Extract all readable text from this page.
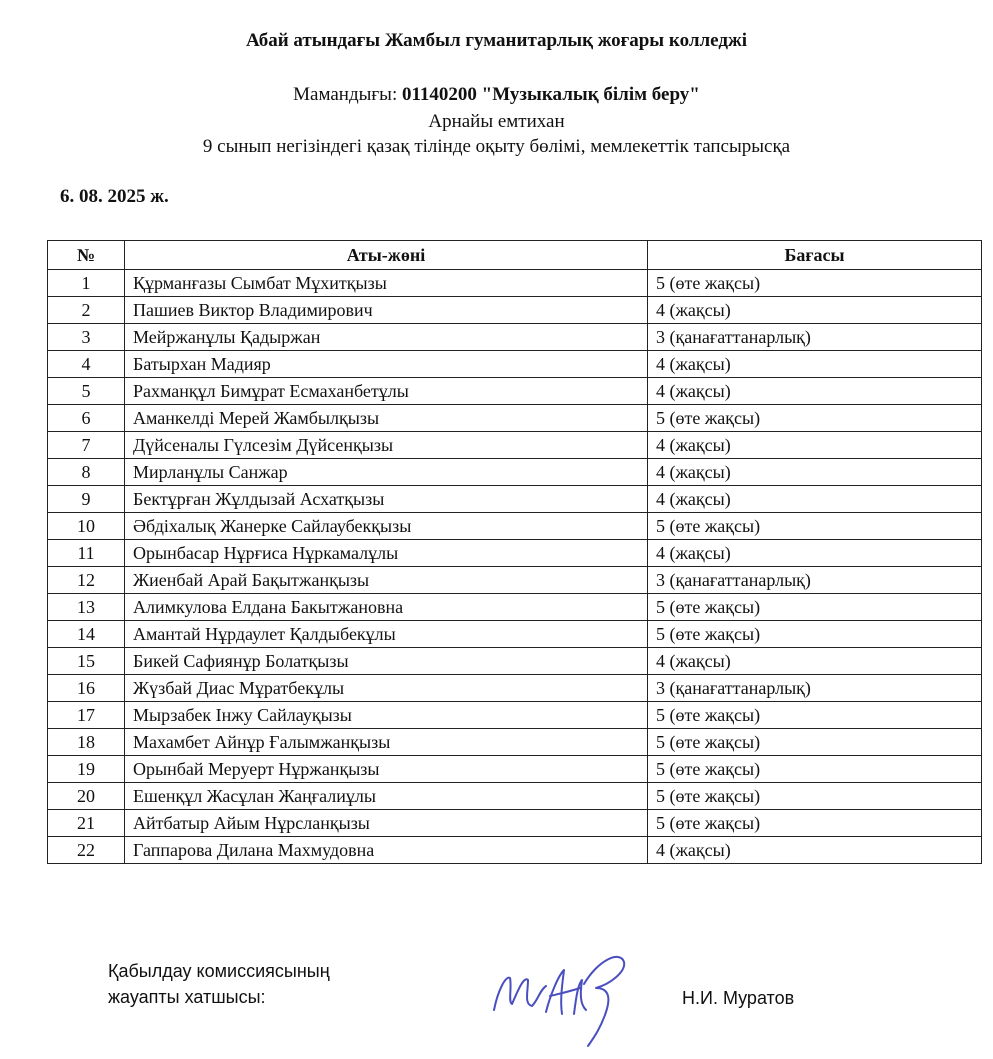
Абай атындағы Жамбыл гуманитарлық жоғары колледжі
Мамандығы: 01140200 "Музыкалық білім беру"
Арнайы емтихан
9 сынып негізіндегі қазақ тілінде оқыту бөлімі, мемлекеттік тапсырысқа
6. 08. 2025 ж.
№	Аты-жөні	Бағасы
1	Құрманғазы Сымбат Мұхитқызы	5 (өте жақсы)
2	Пашиев Виктор Владимирович	4 (жақсы)
3	Мейржанұлы Қадыржан	3 (қанағаттанарлық)
4	Батырхан Мадияр	4 (жақсы)
5	Рахманқұл Бимұрат Есмаханбетұлы	4 (жақсы)
6	Аманкелді Мерей Жамбылқызы	5 (өте жақсы)
7	Дүйсеналы Гүлсезім Дүйсенқызы	4 (жақсы)
8	Мирланұлы Санжар	4 (жақсы)
9	Бектұрған Жұлдызай Асхатқызы	4 (жақсы)
10	Әбдіхалық Жанерке Сайлаубекқызы	5 (өте жақсы)
11	Орынбасар Нұрғиса Нұркамалұлы	4 (жақсы)
12	Жиенбай Арай Бақытжанқызы	3 (қанағаттанарлық)
13	Алимкулова Елдана Бакытжановна	5 (өте жақсы)
14	Амантай Нұрдаулет Қалдыбекұлы	5 (өте жақсы)
15	Бикей Сафиянұр Болатқызы	4 (жақсы)
16	Жүзбай Диас Мұратбекұлы	3 (қанағаттанарлық)
17	Мырзабек Інжу Сайлауқызы	5 (өте жақсы)
18	Махамбет Айнұр Ғалымжанқызы	5 (өте жақсы)
19	Орынбай Меруерт Нұржанқызы	5 (өте жақсы)
20	Ешенқұл Жасұлан Жаңғалиұлы	5 (өте жақсы)
21	Айтбатыр Айым Нұрсланқызы	5 (өте жақсы)
22	Гаппарова Дилана Махмудовна	4 (жақсы)
Қабылдау комиссиясының
жауапты хатшысы:	Н.И. Муратов
